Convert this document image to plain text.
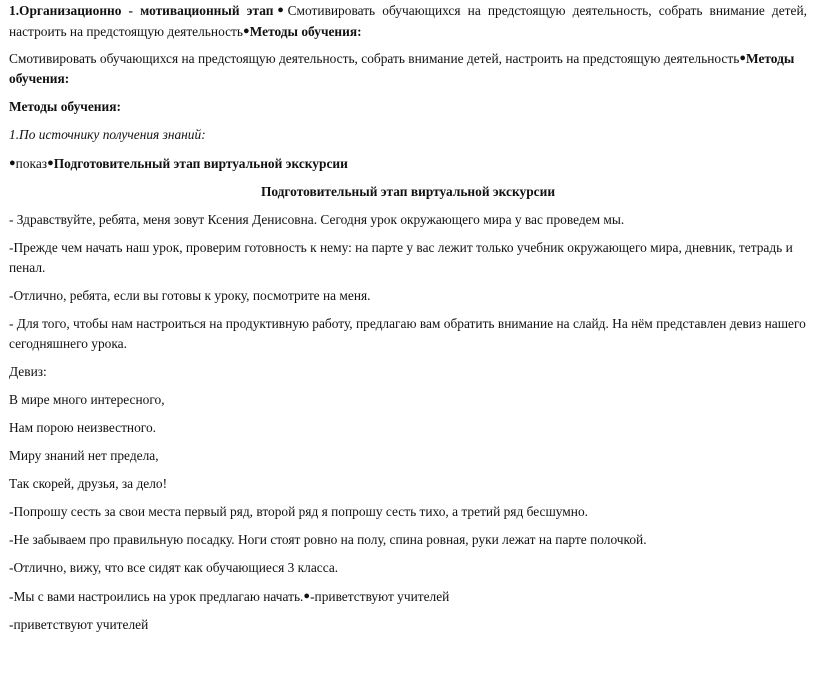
1.Организационно - мотивационный этап●Смотивировать обучающихся на предстоящую деятельность, собрать внимание детей, настроить на предстоящую деятельность●Методы обучения:

Смотивировать обучающихся на предстоящую деятельность, собрать внимание детей, настроить на предстоящую деятельность●Методы обучения:

Методы обучения:

1.По источнику получения знаний:

●показ●Подготовительный этап виртуальной экскурсии

Подготовительный этап виртуальной экскурсии

- Здравствуйте, ребята, меня зовут Ксения Денисовна. Сегодня урок окружающего мира у вас проведем мы.

-Прежде чем начать наш урок, проверим готовность к нему: на парте у вас лежит только учебник окружающего мира, дневник, тетрадь и пенал.

-Отлично, ребята, если вы готовы к уроку, посмотрите на меня.

- Для того, чтобы нам настроиться на продуктивную работу, предлагаю вам обратить внимание на слайд. На нём представлен девиз нашего сегодняшнего урока.

Девиз:

В мире много интересного,

Нам порою неизвестного.

Миру знаний нет предела,

Так скорей, друзья, за дело!

-Попрошу сесть за свои места первый ряд, второй ряд я попрошу сесть тихо, а третий ряд бесшумно.

-Не забываем про правильную посадку. Ноги стоят ровно на полу, спина ровная, руки лежат на парте полочкой.

-Отлично, вижу, что все сидят как обучающиеся 3 класса.

-Мы с вами настроились на урок предлагаю начать.●-приветствуют учителей

-приветствуют учителей
